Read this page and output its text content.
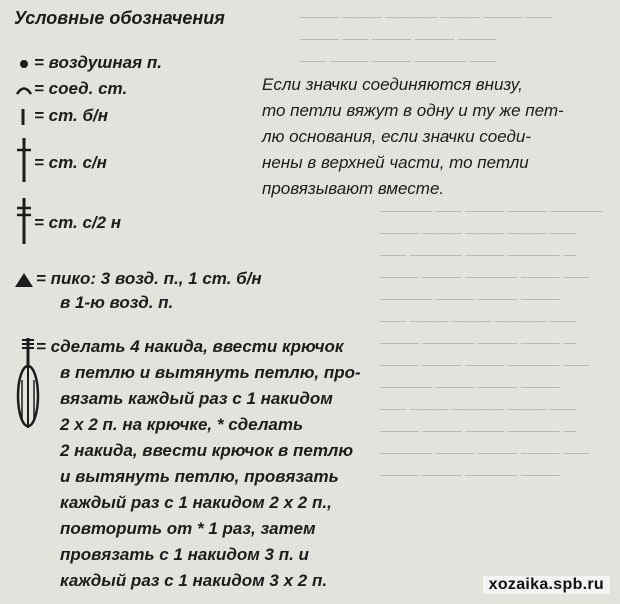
——— ——— ———— ——— ——— ——
——— —— ——— ——— ———
—— ——— ——— ———— ——
———— —— ——— ——— ————
——— ——— ——— ——— ——
—— ———— ——— ———— —
——— ——— ———— ——— ——
———— ——— ——— ———
—— ——— ——— ———— ——
——— ———— ——— ——— —
——— ——— ——— ———— ——
———— ——— ——— ———
—— ——— ———— ——— ——
——— ——— ——— ———— —
———— ——— ——— ——— ——
——— ——— ———— ———
Условные обозначения
= воздушная п.
= соед. ст.
= ст. б/н
= ст. с/н
= ст. с/2 н
= пико: 3 возд. п., 1 ст. б/н
в 1-ю возд. п.
= сделать 4 накида, ввести крючок
в петлю и вытянуть петлю, про-
вязать каждый раз с 1 накидом
2 х 2 п. на крючке, * сделать
2 накида, ввести крючок в петлю
и вытянуть петлю, провязать
каждый раз с 1 накидом 2 х 2 п.,
повторить от * 1 раз, затем
провязать с 1 накидом 3 п. и
каждый раз с 1 накидом 3 х 2 п.
Если значки соединяются внизу,
то петли вяжут в одну и ту же пет-
лю основания, если значки соеди-
нены в верхней части, то петли
провязывают вместе.
xozaika.spb.ru
